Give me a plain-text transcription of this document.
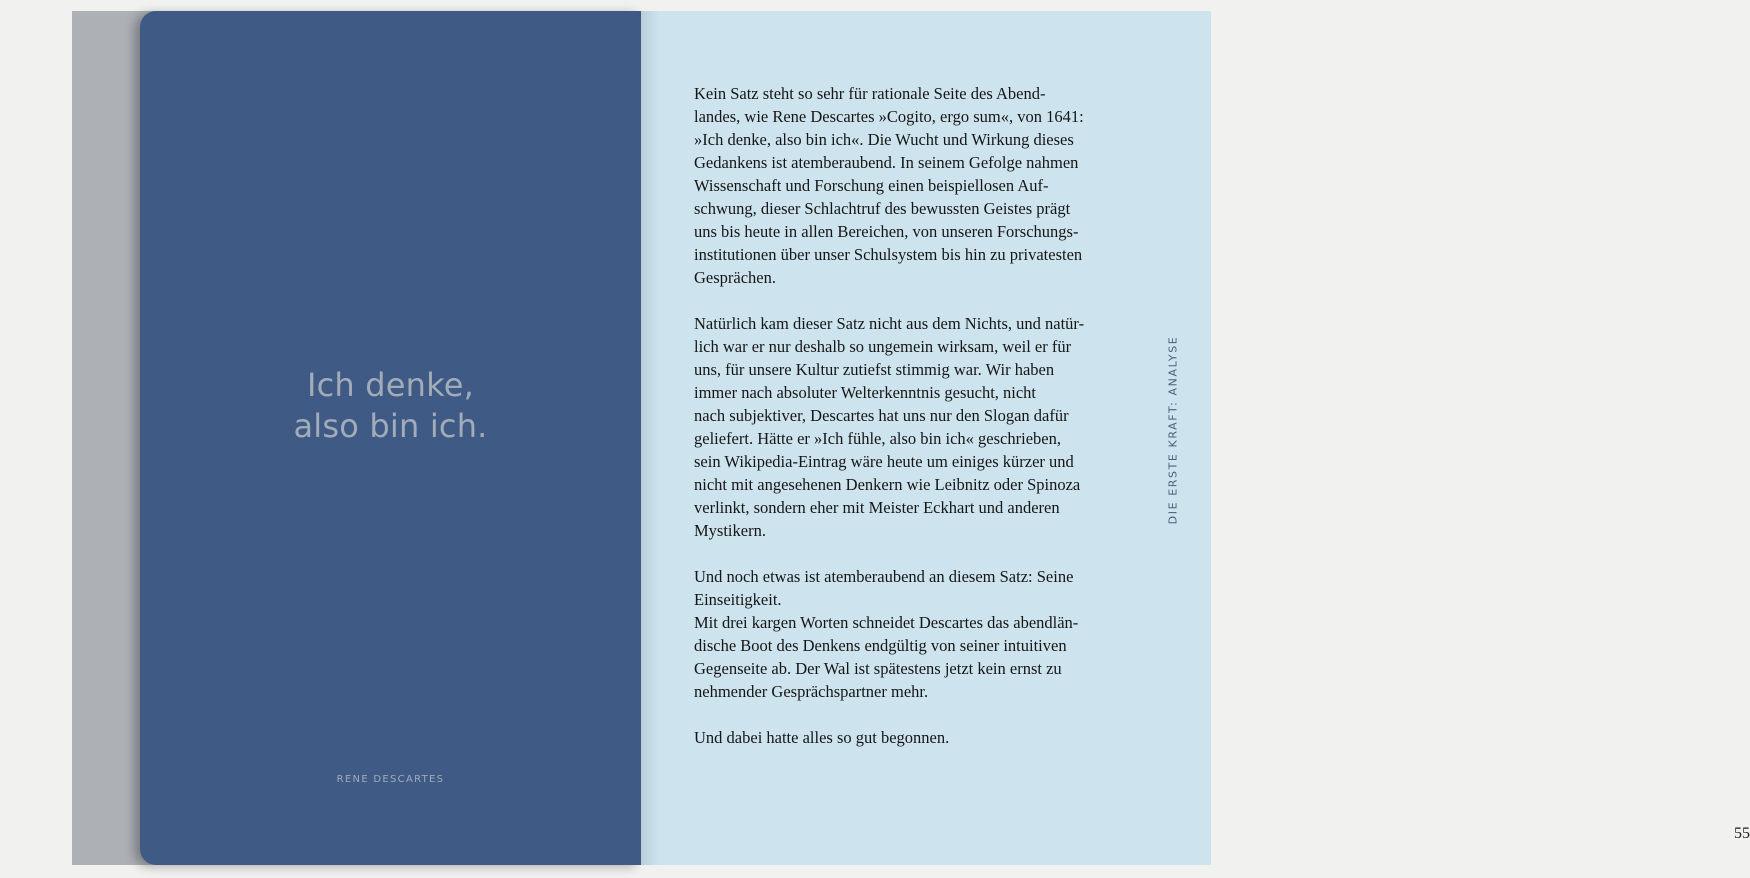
Ich denke,
also bin ich.
RENE DESCARTES
Kein Satz steht so sehr für rationale Seite des Abend-
landes, wie Rene Descartes »Cogito, ergo sum«, von 1641:
»Ich denke, also bin ich«. Die Wucht und Wirkung dieses
Gedankens ist atemberaubend. In seinem Gefolge nahmen
Wissenschaft und Forschung einen beispiellosen Auf-
schwung, dieser Schlachtruf des bewussten Geistes prägt
uns bis heute in allen Bereichen, von unseren Forschungs-
institutionen über unser Schulsystem bis hin zu privatesten
Gesprächen.
Natürlich kam dieser Satz nicht aus dem Nichts, und natür-
lich war er nur deshalb so ungemein wirksam, weil er für
uns, für unsere Kultur zutiefst stimmig war. Wir haben
immer nach absoluter Welterkenntnis gesucht, nicht
nach subjektiver, Descartes hat uns nur den Slogan dafür
geliefert. Hätte er »Ich fühle, also bin ich« geschrieben,
sein Wikipedia-Eintrag wäre heute um einiges kürzer und
nicht mit angesehenen Denkern wie Leibnitz oder Spinoza
verlinkt, sondern eher mit Meister Eckhart und anderen
Mystikern.
Und noch etwas ist atemberaubend an diesem Satz: Seine
Einseitigkeit.
Mit drei kargen Worten schneidet Descartes das abendlän-
dische Boot des Denkens endgültig von seiner intuitiven
Gegenseite ab. Der Wal ist spätestens jetzt kein ernst zu
nehmender Gesprächspartner mehr.
Und dabei hatte alles so gut begonnen.
DIE ERSTE KRAFT: ANALYSE
55
